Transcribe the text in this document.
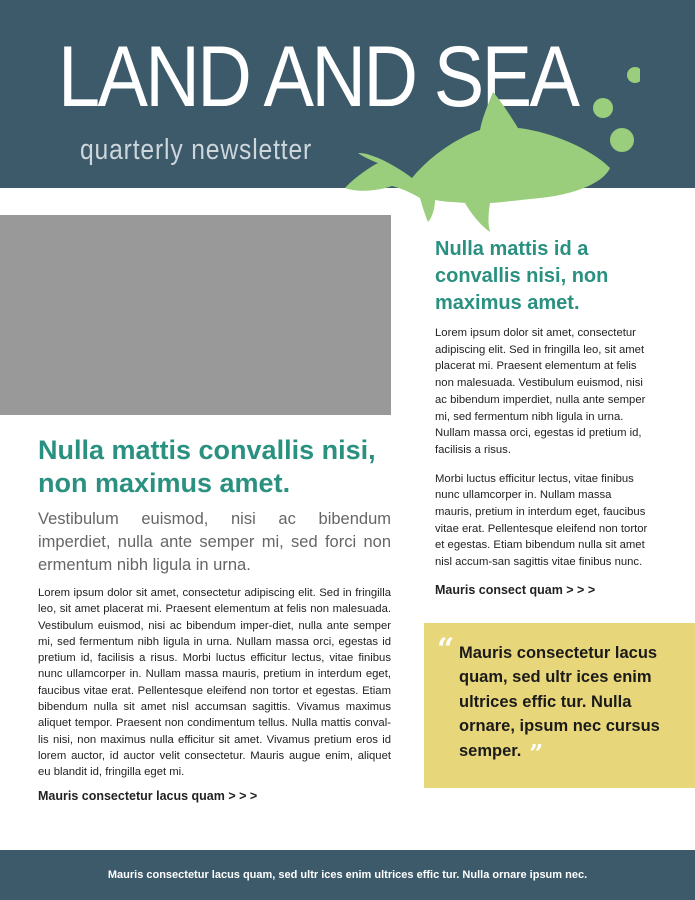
LAND AND SEA
quarterly newsletter
Nulla mattis convallis nisi, non maximus amet.

Vestibulum euismod, nisi ac bibendum imperdiet, nulla ante semper mi, sed forci non ermentum nibh ligula in urna.

Lorem ipsum dolor sit amet, consectetur adipiscing elit. Sed in fringilla leo, sit amet placerat mi. Praesent elementum at felis non malesuada. Vestibulum euismod, nisi ac bibendum imper-diet, nulla ante semper mi, sed fermentum nibh ligula in urna. Nullam massa orci, egestas id pretium id, facilisis a risus. Morbi luctus efficitur lectus, vitae finibus nunc ullamcorper in. Nullam massa mauris, pretium in interdum eget, faucibus vitae erat. Pellentesque eleifend non tortor et egestas. Etiam bibendum nulla sit amet nisl accumsan sagittis. Vivamus maximus aliquet tempor. Praesent non condimentum tellus. Nulla mattis conval-lis nisi, non maximus nulla efficitur sit amet. Vivamus pretium eros id lorem auctor, id auctor velit consectetur. Mauris augue enim, aliquet eu blandit id, fringilla eget mi.

Mauris consectetur lacus quam > > >
Nulla mattis id a convallis nisi, non maximus amet.

Lorem ipsum dolor sit amet, consectetur adipiscing elit. Sed in fringilla leo, sit amet placerat mi. Praesent elementum at felis non malesuada. Vestibulum euismod, nisi ac bibendum imperdiet, nulla ante semper mi, sed fermentum nibh ligula in urna. Nullam massa orci, egestas id pretium id, facilisis a risus.

Morbi luctus efficitur lectus, vitae finibus nunc ullamcorper in. Nullam massa mauris, pretium in interdum eget, faucibus vitae erat. Pellentesque eleifend non tortor et egestas. Etiam bibendum nulla sit amet nisl accum-san sagittis vitae finibus nunc.

Mauris consect quam > > >
“ Mauris consectetur lacus quam, sed ultr ices enim ultrices effic tur. Nulla ornare, ipsum nec cursus semper. ”

Mauris consectetur lacus quam, sed ultr ices enim ultrices effic tur. Nulla ornare ipsum nec.
